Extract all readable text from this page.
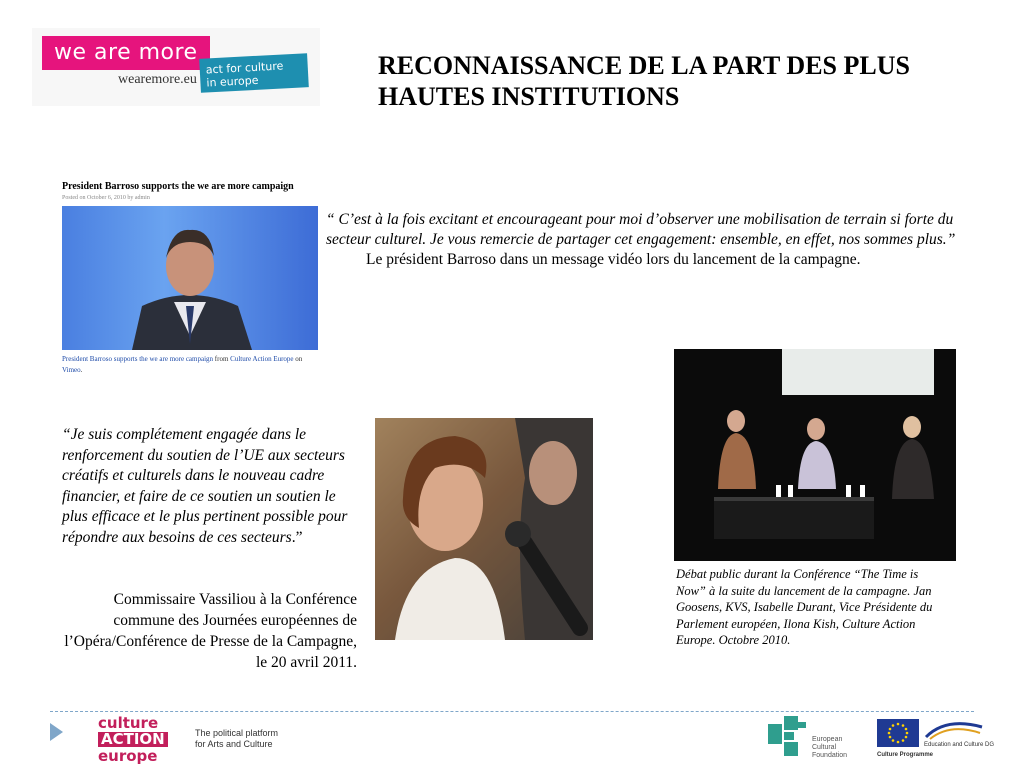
we are more
wearemore.eu
act for culture
in europe
RECONNAISSANCE DE LA PART DES PLUS HAUTES INSTITUTIONS
President Barroso supports the we are more campaign
Posted on October 6, 2010 by admin
President Barroso supports the we are more campaign from Culture Action Europe on Vimeo.
“ C’est à la fois excitant et encourageant pour moi d’observer une mobilisation de terrain si forte du secteur culturel. Je vous remercie de partager cet engagement: ensemble, en effet, nos sommes plus.”
Le président Barroso dans un message vidéo lors du lancement de la campagne.
“Je suis complétement engagée dans le renforcement du soutien de l’UE aux secteurs créatifs et culturels dans le nouveau cadre financier, et faire de ce soutien un soutien le plus efficace et le plus pertinent possible pour répondre aux besoins de ces secteurs.”
Commissaire Vassiliou à la Conférence commune des Journées européennes de l’Opéra/Conférence de Presse de la Campagne, le 20 avril 2011.
Débat public durant la Conférence “The Time is Now” à la suite du lancement de la campagne. Jan Goosens, KVS, Isabelle Durant, Vice Présidente du Parlement européen, Ilona Kish, Culture Action Europe. Octobre 2010.
culture
ACTION
europe
The political platform
for Arts and Culture	European
Cultural
Foundation
Education and Culture DG
Culture Programme
